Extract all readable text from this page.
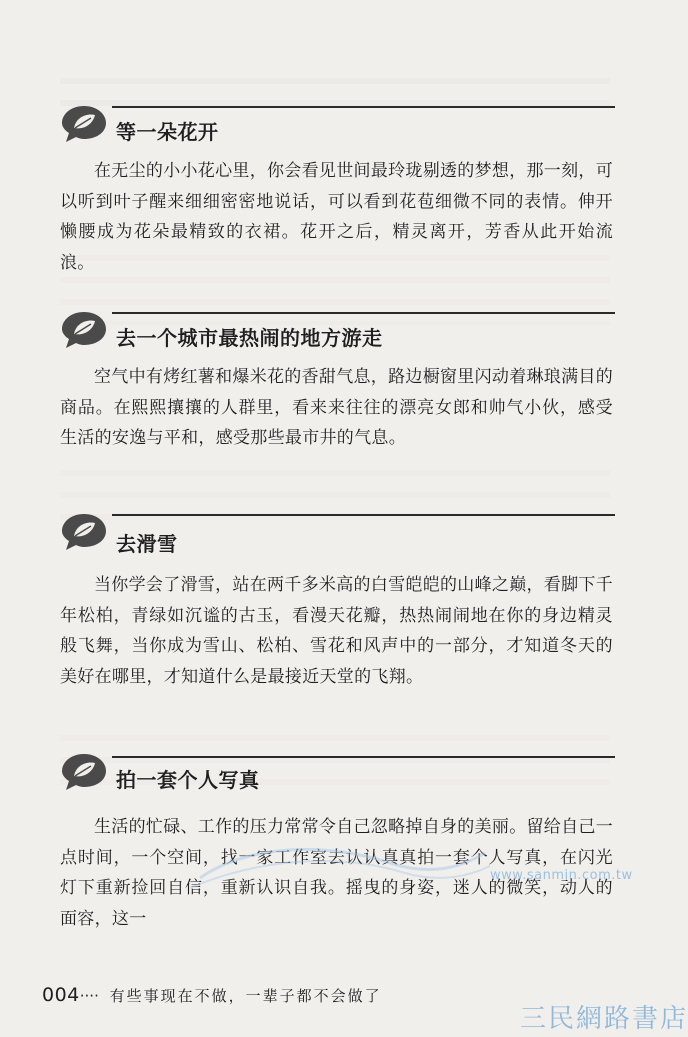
等一朵花开
在无尘的小小花心里，你会看见世间最玲珑剔透的梦想，那一刻，可以听到叶子醒来细细密密地说话，可以看到花苞细微不同的表情。伸开懒腰成为花朵最精致的衣裙。花开之后，精灵离开，芳香从此开始流浪。
去一个城市最热闹的地方游走
空气中有烤红薯和爆米花的香甜气息，路边橱窗里闪动着琳琅满目的商品。在熙熙攘攘的人群里，看来来往往的漂亮女郎和帅气小伙，感受生活的安逸与平和，感受那些最市井的气息。
去滑雪
当你学会了滑雪，站在两千多米高的白雪皑皑的山峰之巅，看脚下千年松柏，青绿如沉谧的古玉，看漫天花瓣，热热闹闹地在你的身边精灵般飞舞，当你成为雪山、松柏、雪花和风声中的一部分，才知道冬天的美好在哪里，才知道什么是最接近天堂的飞翔。
拍一套个人写真
生活的忙碌、工作的压力常常令自己忽略掉自身的美丽。留给自己一点时间，一个空间，找一家工作室去认认真真拍一套个人写真，在闪光灯下重新捡回自信，重新认识自我。摇曳的身姿，迷人的微笑，动人的面容，这一
www.sanmin.com.tw
三民網路書店
004···· 有些事现在不做，一辈子都不会做了
